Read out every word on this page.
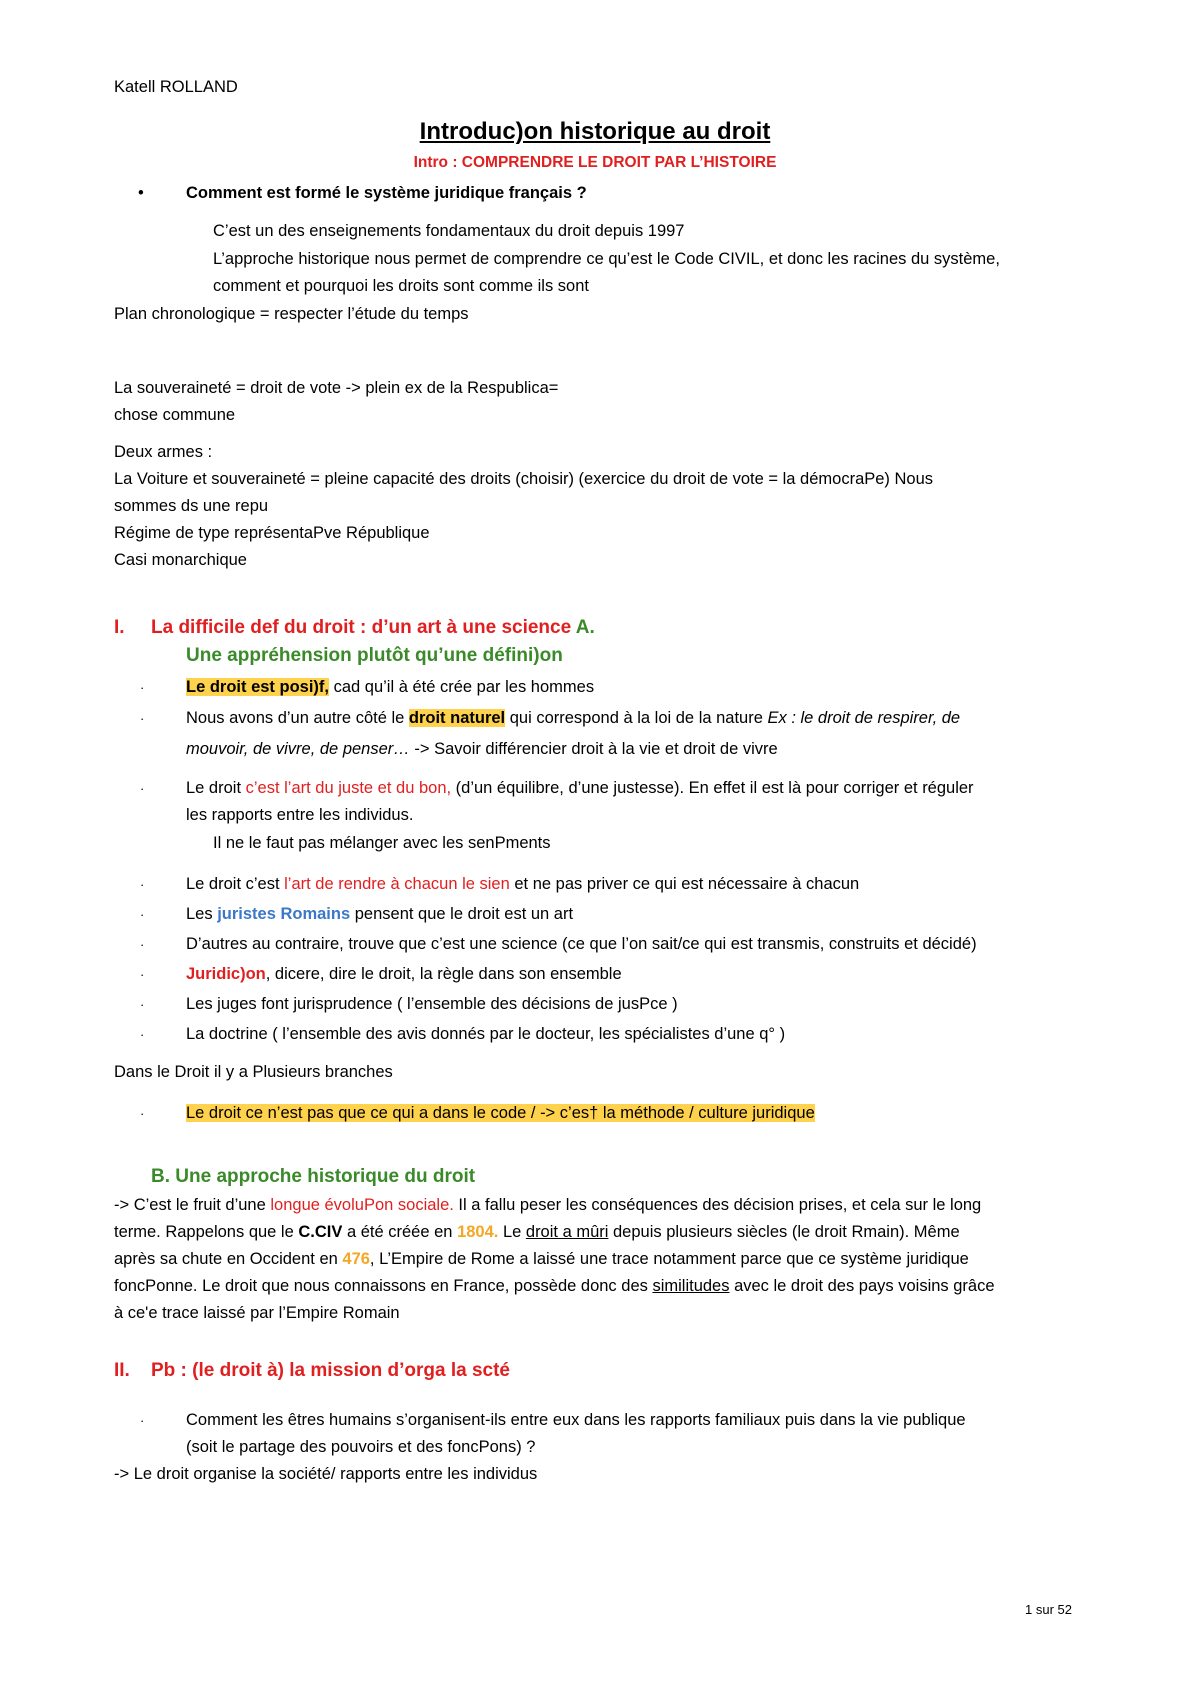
Katell ROLLAND
Introduc)on historique au droit
Intro : COMPRENDRE LE DROIT PAR L’HISTOIRE
•	Comment est formé le système juridique français ?
C’est un des enseignements fondamentaux du droit depuis 1997
L’approche historique nous permet de comprendre ce qu’est le Code CIVIL, et donc les racines du système,
comment et pourquoi les droits sont comme ils sont
Plan chronologique = respecter l’étude du temps
La souveraineté = droit de vote -> plein ex de la Respublica=
chose commune
Deux armes :
La Voiture et souveraineté = pleine capacité des droits (choisir) (exercice du droit de vote = la démocraPe) Nous
sommes ds une repu
Régime de type représentaPve République
Casi monarchique
I. La difficile def du droit : d’un art à une science A.
Une appréhension plutôt qu’une défini)on
·	Le droit est posi)f, cad qu’il à été crée par les hommes
·	Nous avons d’un autre côté le droit naturel qui correspond à la loi de la nature Ex : le droit de respirer, de
mouvoir, de vivre, de penser… -> Savoir différencier droit à la vie et droit de vivre
·	Le droit c’est l’art du juste et du bon, (d’un équilibre, d’une justesse). En effet il est là pour corriger et réguler
les rapports entre les individus.
Il ne le faut pas mélanger avec les senPments
·	Le droit c’est l’art de rendre à chacun le sien et ne pas priver ce qui est nécessaire à chacun
·	Les juristes Romains pensent que le droit est un art
·	D’autres au contraire, trouve que c’est une science (ce que l’on sait/ce qui est transmis, construits et décidé)
·	Juridic)on, dicere, dire le droit, la règle dans son ensemble
·	Les juges font jurisprudence ( l’ensemble des décisions de jusPce )
·	La doctrine ( l’ensemble des avis donnés par le docteur, les spécialistes d’une q° )
Dans le Droit il y a Plusieurs branches
·	Le droit ce n’est pas que ce qui a dans le code / -> c’es† la méthode / culture juridique
B. Une approche historique du droit
-> C’est le fruit d’une longue évoluPon sociale. Il a fallu peser les conséquences des décision prises, et cela sur le long
terme. Rappelons que le C.CIV a été créée en 1804. Le droit a mûri depuis plusieurs siècles (le droit Rmain). Même
après sa chute en Occident en 476, L’Empire de Rome a laissé une trace notamment parce que ce système juridique
foncPonne. Le droit que nous connaissons en France, possède donc des similitudes avec le droit des pays voisins grâce
à ce'e trace laissé par l’Empire Romain
II. Pb : (le droit à) la mission d’orga la scté
·	Comment les êtres humains s’organisent-ils entre eux dans les rapports familiaux puis dans la vie publique
(soit le partage des pouvoirs et des foncPons) ?
-> Le droit organise la société/ rapports entre les individus
1 sur 52
